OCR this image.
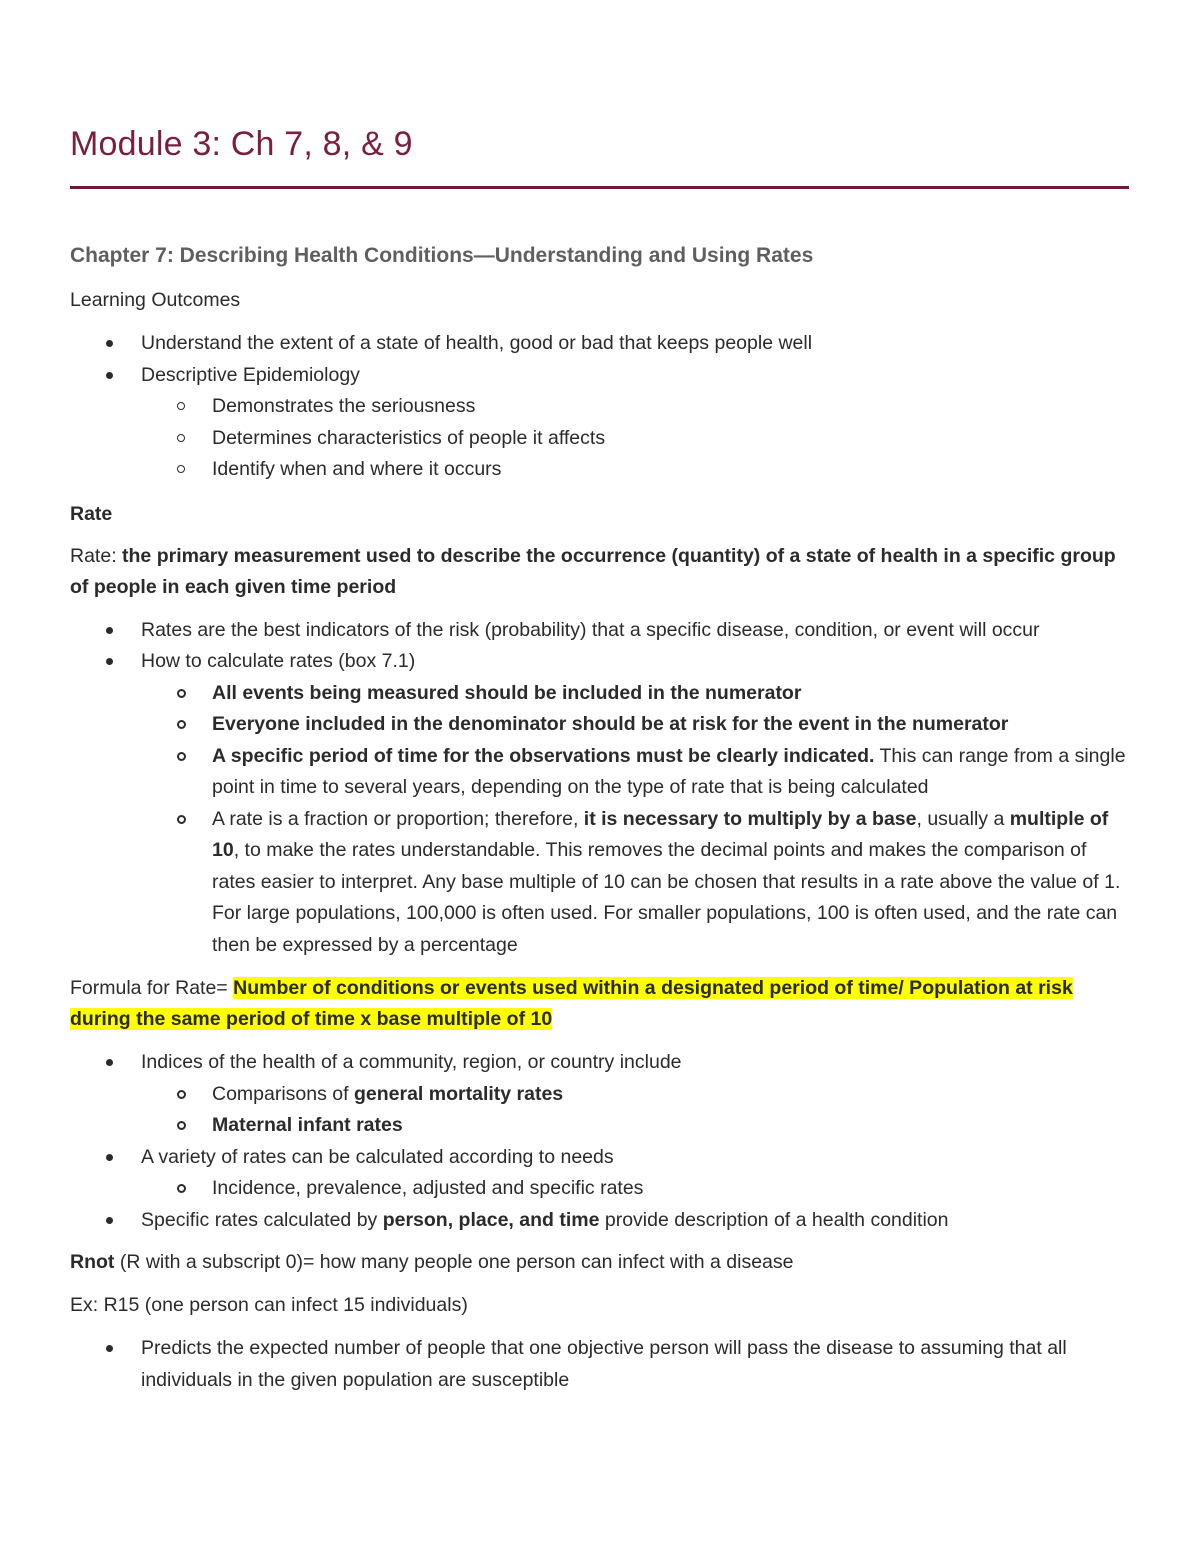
Module 3: Ch 7, 8, & 9
Chapter 7: Describing Health Conditions—Understanding and Using Rates

Learning Outcomes

Understand the extent of a state of health, good or bad that keeps people well
Descriptive Epidemiology
Demonstrates the seriousness
Determines characteristics of people it affects
Identify when and where it occurs

Rate

Rate: the primary measurement used to describe the occurrence (quantity) of a state of health in a specific group of people in each given time period

Rates are the best indicators of the risk (probability) that a specific disease, condition, or event will occur
How to calculate rates (box 7.1)
All events being measured should be included in the numerator
Everyone included in the denominator should be at risk for the event in the numerator
A specific period of time for the observations must be clearly indicated. This can range from a single point in time to several years, depending on the type of rate that is being calculated
A rate is a fraction or proportion; therefore, it is necessary to multiply by a base, usually a multiple of 10, to make the rates understandable. This removes the decimal points and makes the comparison of rates easier to interpret. Any base multiple of 10 can be chosen that results in a rate above the value of 1. For large populations, 100,000 is often used. For smaller populations, 100 is often used, and the rate can then be expressed by a percentage

Formula for Rate= Number of conditions or events used within a designated period of time/ Population at risk during the same period of time x base multiple of 10

Indices of the health of a community, region, or country include
Comparisons of general mortality rates
Maternal infant rates
A variety of rates can be calculated according to needs
Incidence, prevalence, adjusted and specific rates
Specific rates calculated by person, place, and time provide description of a health condition

Rnot (R with a subscript 0)= how many people one person can infect with a disease

Ex: R15 (one person can infect 15 individuals)

Predicts the expected number of people that one objective person will pass the disease to assuming that all individuals in the given population are susceptible
